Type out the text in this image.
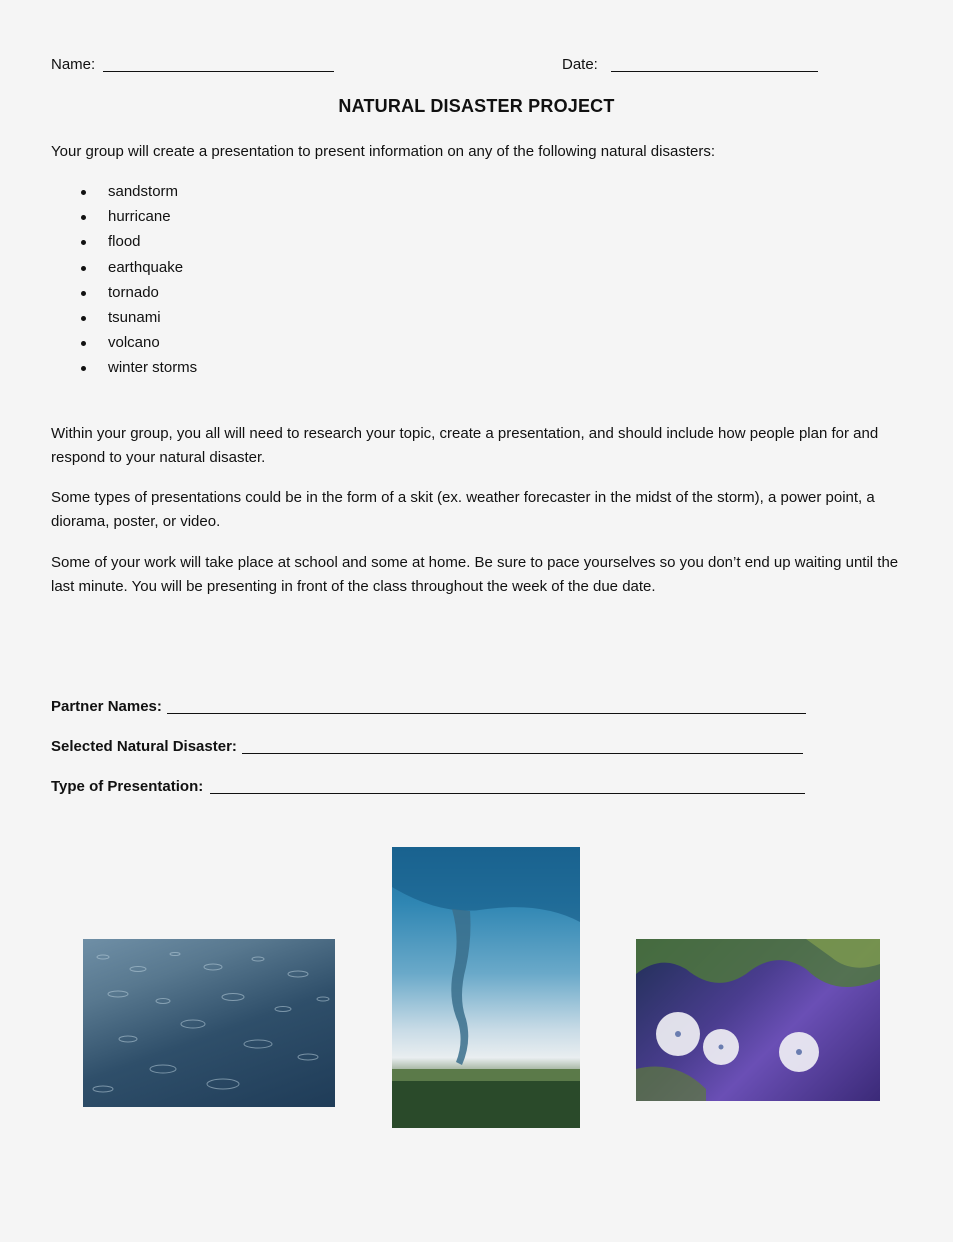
Name:	Date:
NATURAL DISASTER PROJECT
Your group will create a presentation to present information on any of the following natural disasters:
sandstorm
hurricane
flood
earthquake
tornado
tsunami
volcano
winter storms
Within your group, you all will need to research your topic, create a presentation, and should include how people plan for and respond to your natural disaster.
Some types of presentations could be in the form of a skit (ex. weather forecaster in the midst of the storm), a power point, a diorama, poster, or video.
Some of your work will take place at school and some at home. Be sure to pace yourselves so you don’t end up waiting until the last minute. You will be presenting in front of the class throughout the week of the due date.
Partner Names:
Selected Natural Disaster:
Type of Presentation:
